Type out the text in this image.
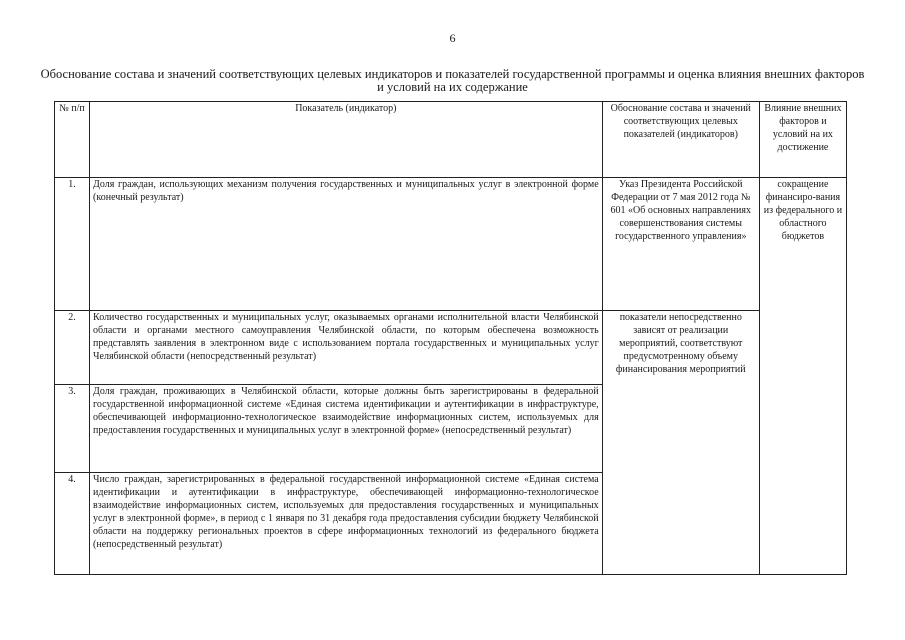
6
Обоснование состава и значений соответствующих целевых индикаторов и показателей государственной программы и оценка влияния внешних факторов и условий на их содержание
№ п/п	Показатель (индикатор)	Обоснование состава и значений соответствующих целевых показателей (индикаторов)	Влияние внешних факторов и условий на их достижение
1.	Доля граждан, использующих механизм получения государственных и муниципальных услуг в электронной форме (конечный результат)	Указ Президента Российской Федерации от 7 мая 2012 года № 601 «Об основных направлениях совершенствования системы государственного управления»	сокращение финансиро-вания из федерального и областного бюджетов
2.	Количество государственных и муниципальных услуг, оказываемых органами исполнительной власти Челябинской области и органами местного самоуправления Челябинской области, по которым обеспечена возможность представлять заявления в электронном виде с использованием портала государственных и муниципальных услуг Челябинской области (непосредственный результат)	показатели непосредственно зависят от реализации мероприятий, соответствуют предусмотренному объему финансирования мероприятий	
3.	Доля граждан, проживающих в Челябинской области, которые должны быть зарегистрированы в федеральной государственной информационной системе «Единая система идентификации и аутентификации в инфраструктуре, обеспечивающей информационно-технологическое взаимодействие информационных систем, используемых для предоставления государственных и муниципальных услуг в электронной форме» (непосредственный результат)		
4.	Число граждан, зарегистрированных в федеральной государственной информационной системе «Единая система идентификации и аутентификации в инфраструктуре, обеспечивающей информационно-технологическое взаимодействие информационных систем, используемых для предоставления государственных и муниципальных услуг в электронной форме», в период с 1 января по 31 декабря года предоставления субсидии бюджету Челябинской области на поддержку региональных проектов в сфере информационных технологий из федерального бюджета (непосредственный результат)		
